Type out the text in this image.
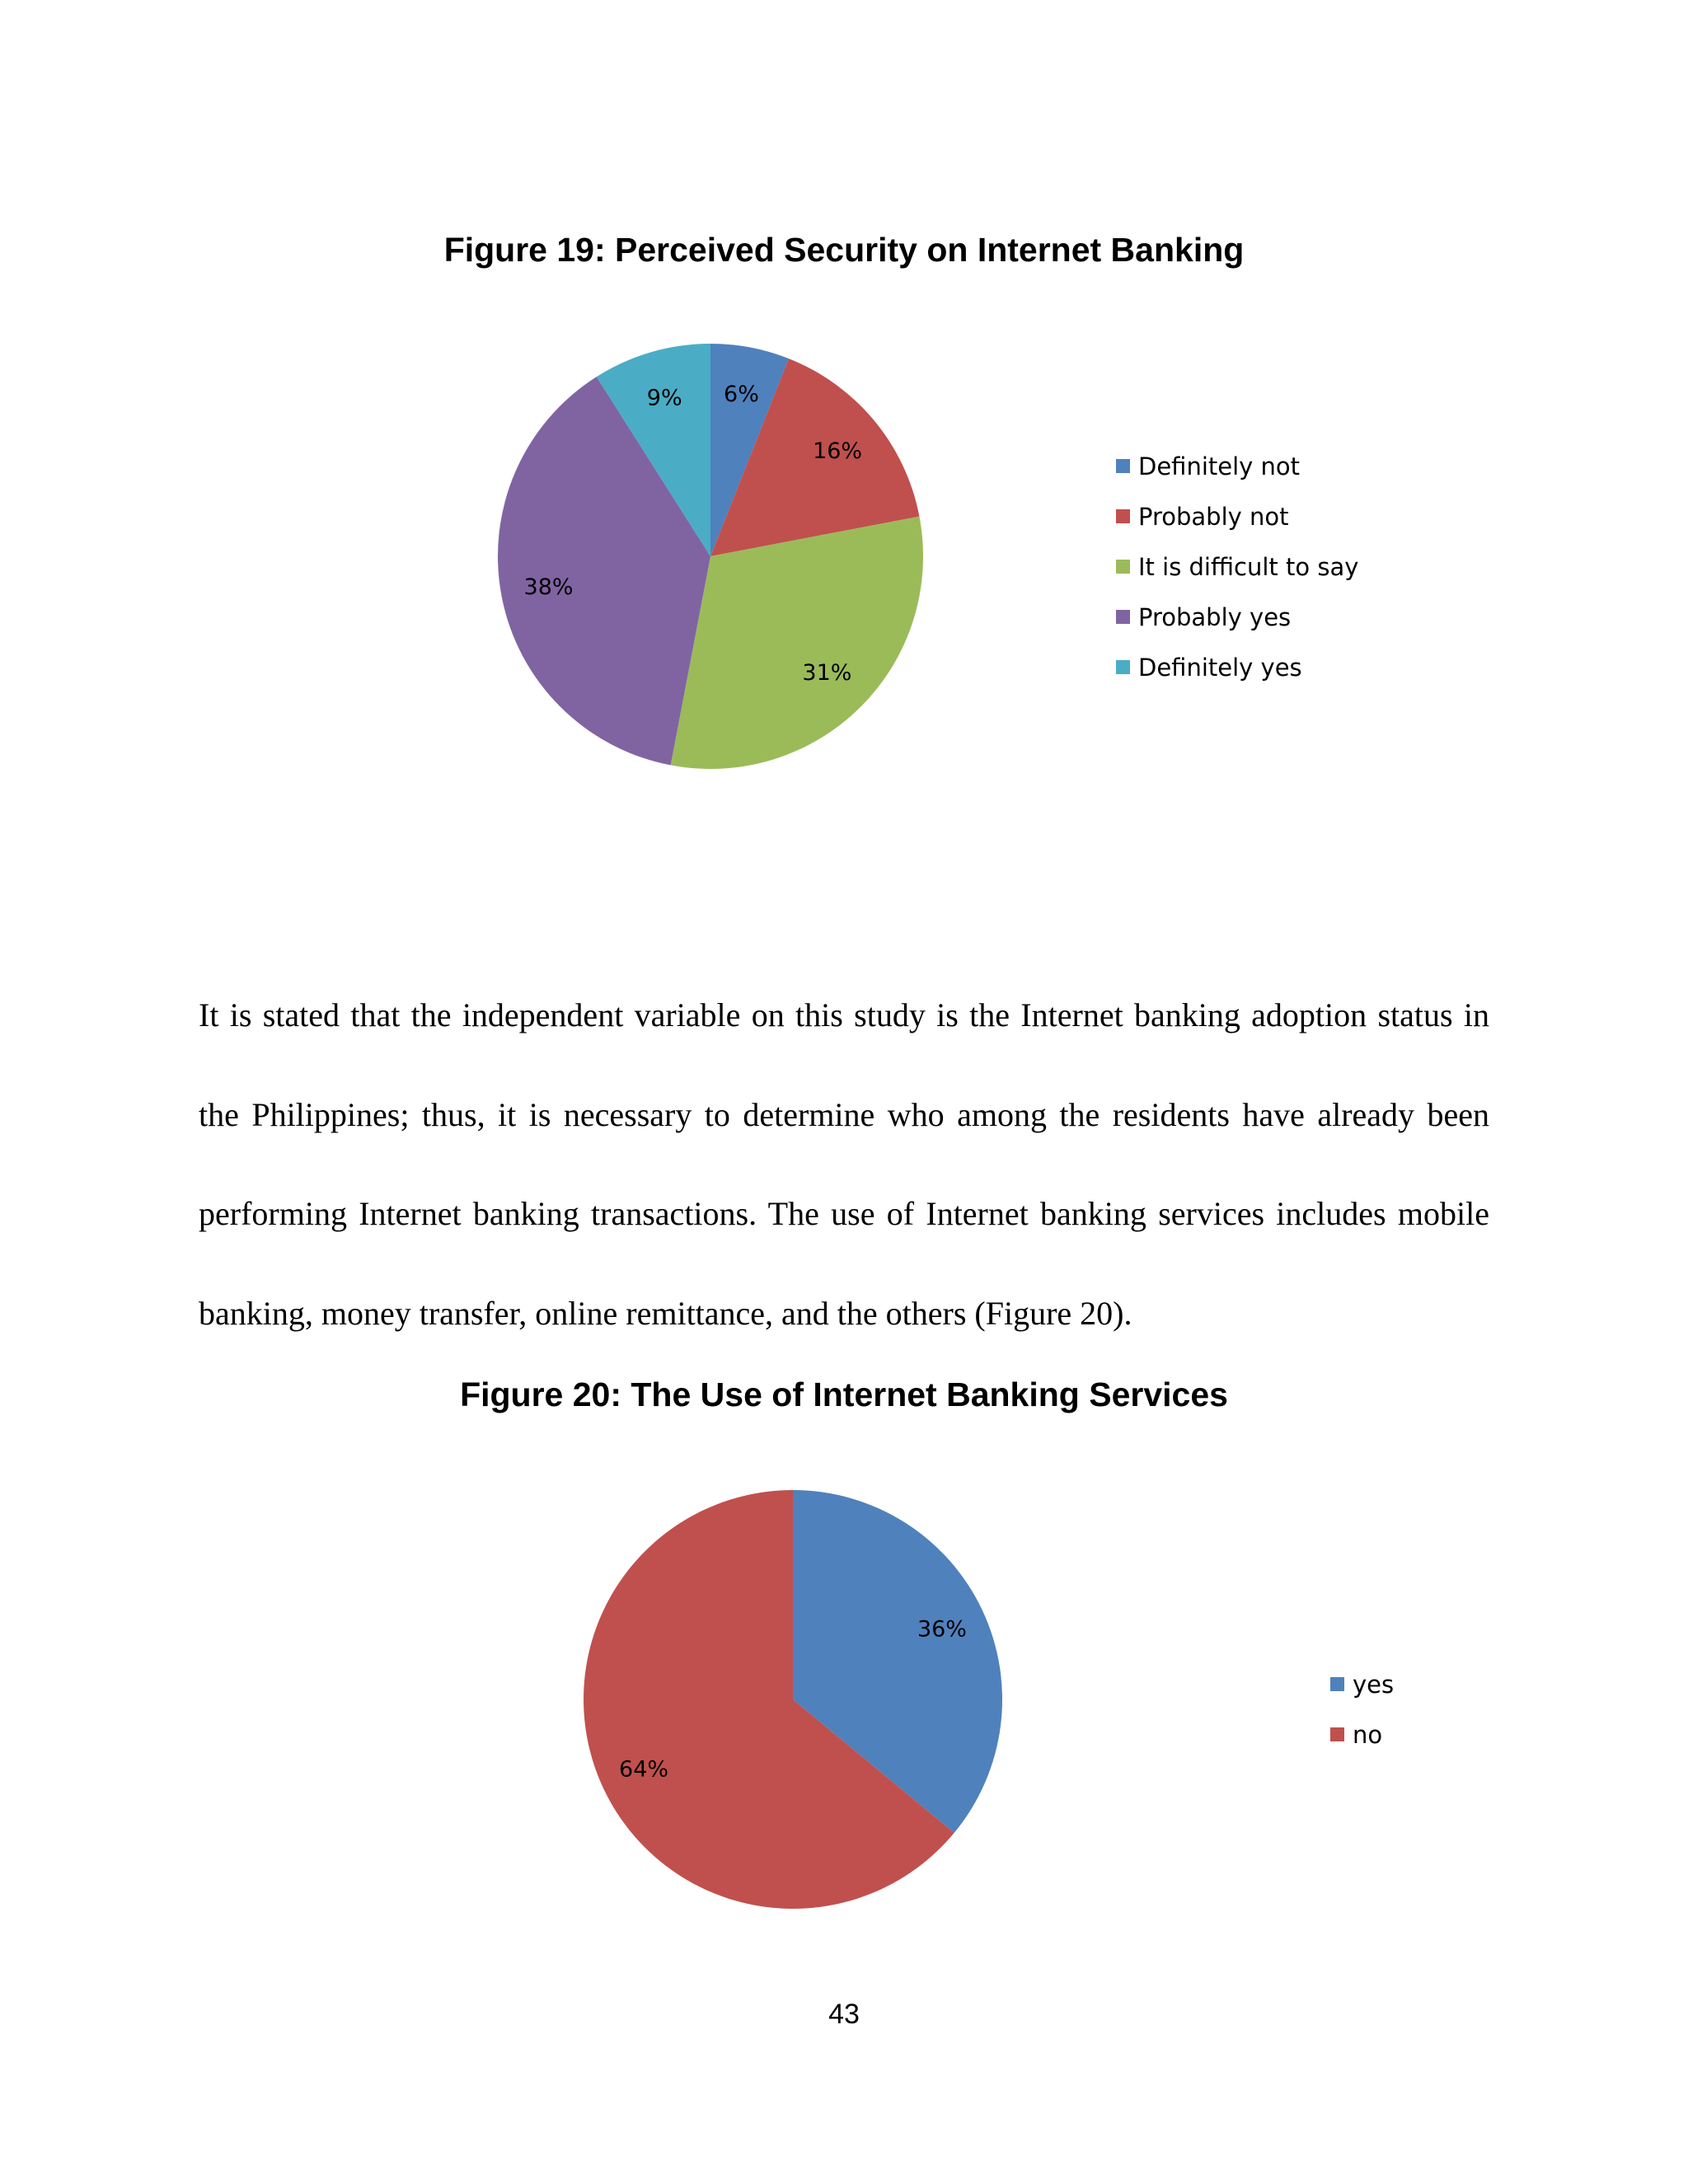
Figure 19: Perceived Security on Internet Banking
6%
16%
31%
38%
9%
Definitely not
Probably not
It is difficult to say
Probably yes
Definitely yes

It is stated that the independent variable on this study is the Internet banking adoption status in the Philippines; thus, it is necessary to determine who among the residents have already been performing Internet banking transactions. The use of Internet banking services includes mobile banking, money transfer, online remittance, and the others (Figure 20).

Figure 20: The Use of Internet Banking Services
36%
64%
yes
no

43
